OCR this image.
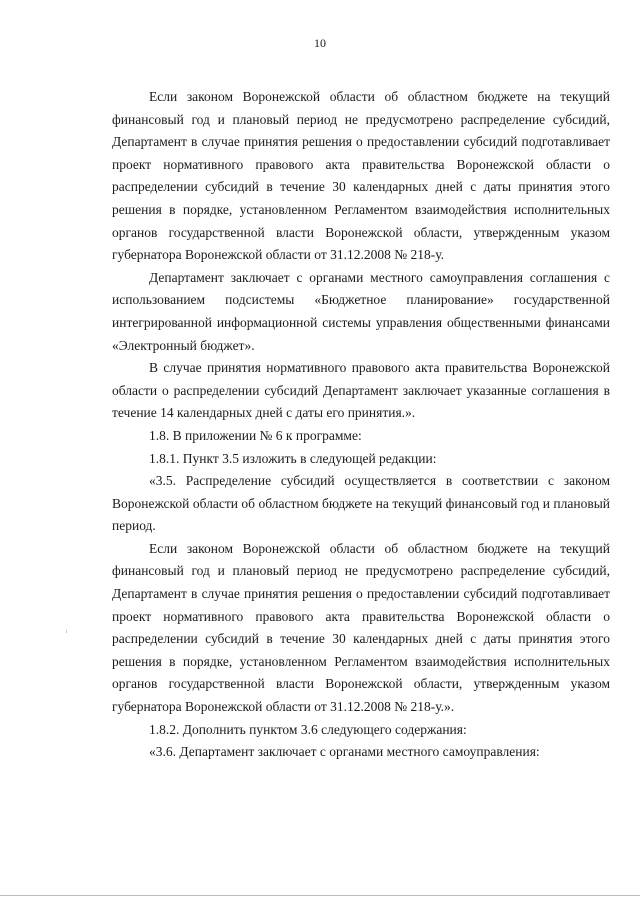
10

Если законом Воронежской области об областном бюджете на текущий финансовый год и плановый период не предусмотрено распределение субсидий, Департамент в случае принятия решения о предоставлении субсидий подготавливает проект нормативного правового акта правительства Воронежской области о распределении субсидий в течение 30 календарных дней с даты принятия этого решения в порядке, установленном Регламентом взаимодействия исполнительных органов государственной власти Воронежской области, утвержденным указом губернатора Воронежской области от 31.12.2008 № 218-у.

Департамент заключает с органами местного самоуправления соглашения с использованием подсистемы «Бюджетное планирование» государственной интегрированной информационной системы управления общественными финансами «Электронный бюджет».

В случае принятия нормативного правового акта правительства Воронежской области о распределении субсидий Департамент заключает указанные соглашения в течение 14 календарных дней с даты его принятия.».

1.8. В приложении № 6 к программе:

1.8.1. Пункт 3.5 изложить в следующей редакции:

«3.5. Распределение субсидий осуществляется в соответствии с законом Воронежской области об областном бюджете на текущий финансовый год и плановый период.

Если законом Воронежской области об областном бюджете на текущий финансовый год и плановый период не предусмотрено распределение субсидий, Департамент в случае принятия решения о предоставлении субсидий подготавливает проект нормативного правового акта правительства Воронежской области о распределении субсидий в течение 30 календарных дней с даты принятия этого решения в порядке, установленном Регламентом взаимодействия исполнительных органов государственной власти Воронежской области, утвержденным указом губернатора Воронежской области от 31.12.2008 № 218-у.».

1.8.2. Дополнить пунктом 3.6 следующего содержания:

«3.6. Департамент заключает с органами местного самоуправления:
